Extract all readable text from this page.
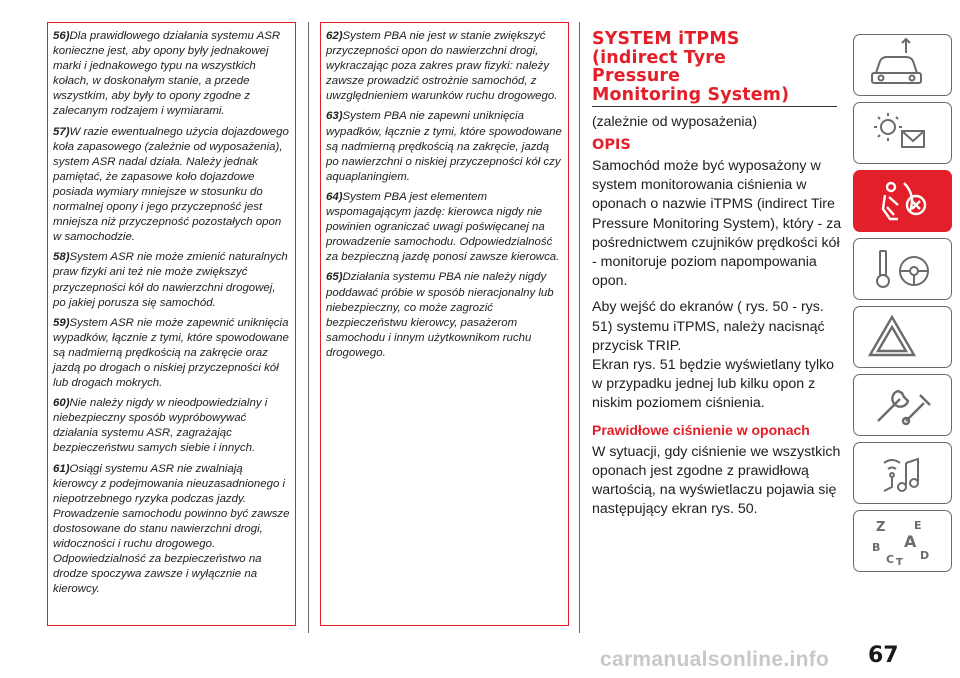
56)Dla prawidłowego działania systemu ASR konieczne jest, aby opony były jednakowej marki i jednakowego typu na wszystkich kołach, w doskonałym stanie, a przede wszystkim, aby były to opony zgodne z zalecanym rodzajem i wymiarami.

57)W razie ewentualnego użycia dojazdowego koła zapasowego (zależnie od wyposażenia), system ASR nadal działa. Należy jednak pamiętać, że zapasowe koło dojazdowe posiada wymiary mniejsze w stosunku do normalnej opony i jego przyczepność jest mniejsza niż przyczepność pozostałych opon w samochodzie.

58)System ASR nie może zmienić naturalnych praw fizyki ani też nie może zwiększyć przyczepności kół do nawierzchni drogowej, po jakiej porusza się samochód.

59)System ASR nie może zapewnić uniknięcia wypadków, łącznie z tymi, które spowodowane są nadmierną prędkością na zakręcie oraz jazdą po drogach o niskiej przyczepności kół lub drogach mokrych.

60)Nie należy nigdy w nieodpowiedzialny i niebezpieczny sposób wypróbowywać działania systemu ASR, zagrażając bezpieczeństwu samych siebie i innych.

61)Osiągi systemu ASR nie zwalniają kierowcy z podejmowania nieuzasadnionego i niepotrzebnego ryzyka podczas jazdy. Prowadzenie samochodu powinno być zawsze dostosowane do stanu nawierzchni drogi, widoczności i ruchu drogowego. Odpowiedzialność za bezpieczeństwo na drodze spoczywa zawsze i wyłącznie na kierowcy.

62)System PBA nie jest w stanie zwiększyć przyczepności opon do nawierzchni drogi, wykraczając poza zakres praw fizyki: należy zawsze prowadzić ostrożnie samochód, z uwzględnieniem warunków ruchu drogowego.

63)System PBA nie zapewni uniknięcia wypadków, łącznie z tymi, które spowodowane są nadmierną prędkością na zakręcie, jazdą po nawierzchni o niskiej przyczepności kół czy aquaplaningiem.

64)System PBA jest elementem wspomagającym jazdę: kierowca nigdy nie powinien ograniczać uwagi poświęcanej na prowadzenie samochodu. Odpowiedzialność za bezpieczną jazdę ponosi zawsze kierowca.

65)Działania systemu PBA nie należy nigdy poddawać próbie w sposób nieracjonalny lub niebezpieczny, co może zagrozić bezpieczeństwu kierowcy, pasażerom samochodu i innym użytkownikom ruchu drogowego.

SYSTEM iTPMS
(indirect Tyre
Pressure
Monitoring System)

(zależnie od wyposażenia)

OPIS

Samochód może być wyposażony w system monitorowania ciśnienia w oponach o nazwie iTPMS (indirect Tire Pressure Monitoring System), który - za pośrednictwem czujników prędkości kół - monitoruje poziom napompowania opon.

Aby wejść do ekranów ( rys. 50 - rys. 51) systemu iTPMS, należy nacisnąć przycisk TRIP.

Ekran rys. 51 będzie wyświetlany tylko w przypadku jednej lub kilku opon z niskim poziomem ciśnienia.

Prawidłowe ciśnienie w oponach

W sytuacji, gdy ciśnienie we wszystkich oponach jest zgodne z prawidłową wartością, na wyświetlaczu pojawia się następujący ekran rys. 50.

Z	E
A
B
C T
D
67
carmanualsonline.info
